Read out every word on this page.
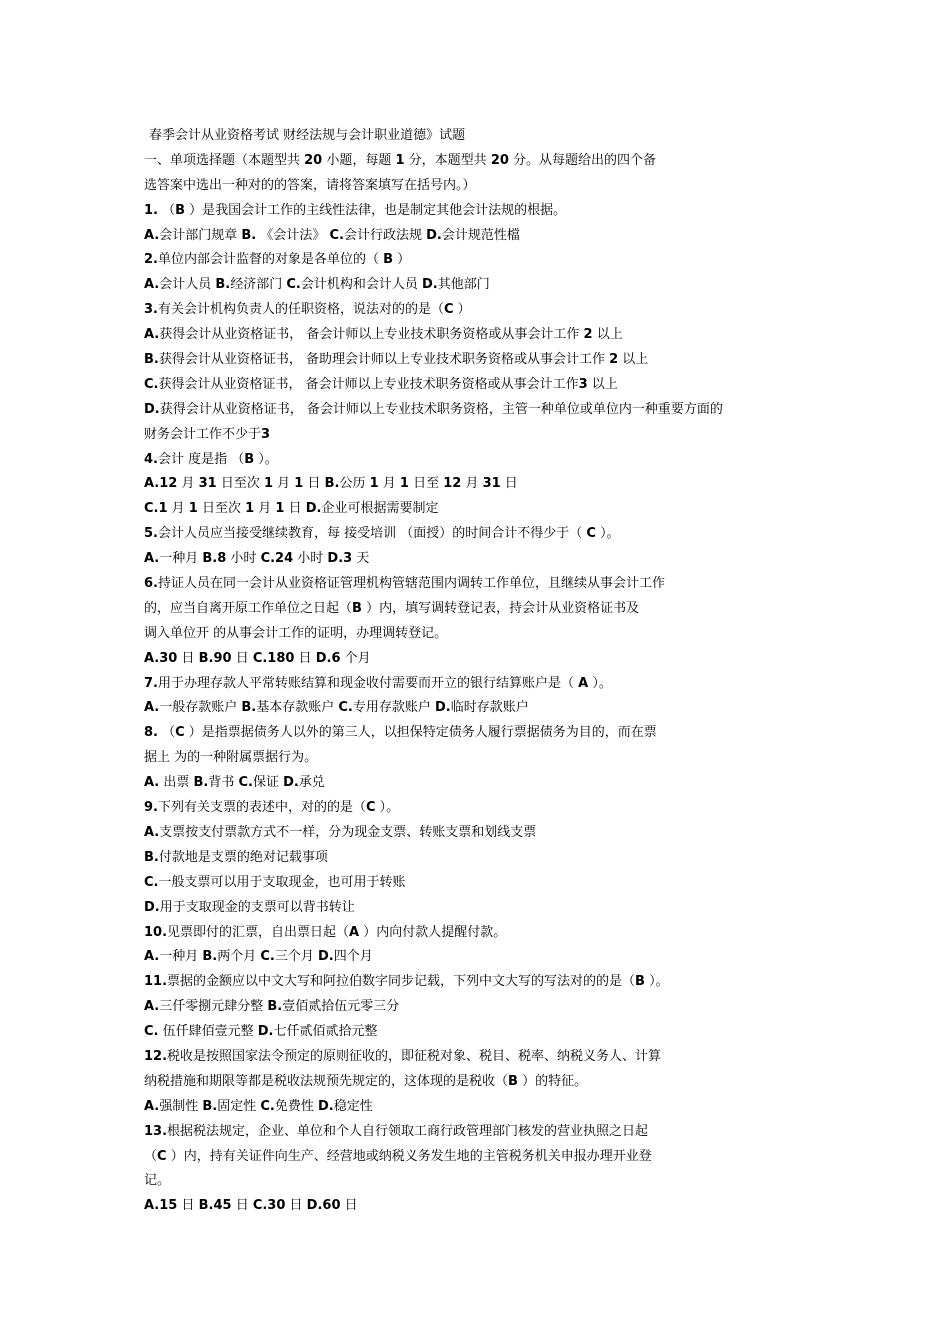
春季会计从业资格考试 财经法规与会计职业道德》试题
一、单项选择题（本题型共 20 小题，每题 1 分，本题型共 20 分。从每题给出的四个备
选答案中选出一种对的的答案，请将答案填写在括号内。）
1. （B ）是我国会计工作的主线性法律，也是制定其他会计法规的根据。
A.会计部门规章 B. 《会计法》 C.会计行政法规 D.会计规范性檔
2.单位内部会计监督的对象是各单位的（ B ）
A.会计人员 B.经济部门 C.会计机构和会计人员 D.其他部门
3.有关会计机构负责人的任职资格，说法对的的是（C ）
A.获得会计从业资格证书， 备会计师以上专业技术职务资格或从事会计工作 2 以上
B.获得会计从业资格证书， 备助理会计师以上专业技术职务资格或从事会计工作 2 以上
C.获得会计从业资格证书， 备会计师以上专业技术职务资格或从事会计工作3 以上
D.获得会计从业资格证书， 备会计师以上专业技术职务资格，主管一种单位或单位内一种重要方面的
财务会计工作不少于3
4.会计 度是指 （B ）。
A.12 月 31 日至次 1 月 1 日 B.公历 1 月 1 日至 12 月 31 日
C.1 月 1 日至次 1 月 1 日 D.企业可根据需要制定
5.会计人员应当接受继续教育，每 接受培训 （面授）的时间合计不得少于（ C ）。
A.一种月 B.8 小时 C.24 小时 D.3 天
6.持证人员在同一会计从业资格证管理机构管辖范围内调转工作单位，且继续从事会计工作
的，应当自离开原工作单位之日起（B ）内，填写调转登记表，持会计从业资格证书及
调入单位开 的从事会计工作的证明，办理调转登记。
A.30 日 B.90 日 C.180 日 D.6 个月
7.用于办理存款人平常转账结算和现金收付需要而开立的银行结算账户是（ A ）。
A.一般存款账户 B.基本存款账户 C.专用存款账户 D.临时存款账户
8. （C ）是指票据债务人以外的第三人，以担保特定债务人履行票据债务为目的，而在票
据上 为的一种附属票据行为。
A. 出票 B.背书 C.保证 D.承兑
9.下列有关支票的表述中，对的的是（C ）。
A.支票按支付票款方式不一样，分为现金支票、转账支票和划线支票
B.付款地是支票的绝对记载事项
C.一般支票可以用于支取现金，也可用于转账
D.用于支取现金的支票可以背书转让
10.见票即付的汇票，自出票日起（A ）内向付款人提醒付款。
A.一种月 B.两个月 C.三个月 D.四个月
11.票据的金额应以中文大写和阿拉伯数字同步记载，下列中文大写的写法对的的是（B ）。
A.三仟零捌元肆分整 B.壹佰贰拾伍元零三分
C. 伍仟肆佰壹元整 D.七仟贰佰贰拾元整
12.税收是按照国家法令预定的原则征收的，即征税对象、税目、税率、纳税义务人、计算
纳税措施和期限等都是税收法规预先规定的，这体现的是税收（B ）的特征。
A.强制性 B.固定性 C.免费性 D.稳定性
13.根据税法规定，企业、单位和个人自行领取工商行政管理部门核发的营业执照之日起
（C ）内，持有关证件向生产、经营地或纳税义务发生地的主管税务机关申报办理开业登
记。
A.15 日 B.45 日 C.30 日 D.60 日
